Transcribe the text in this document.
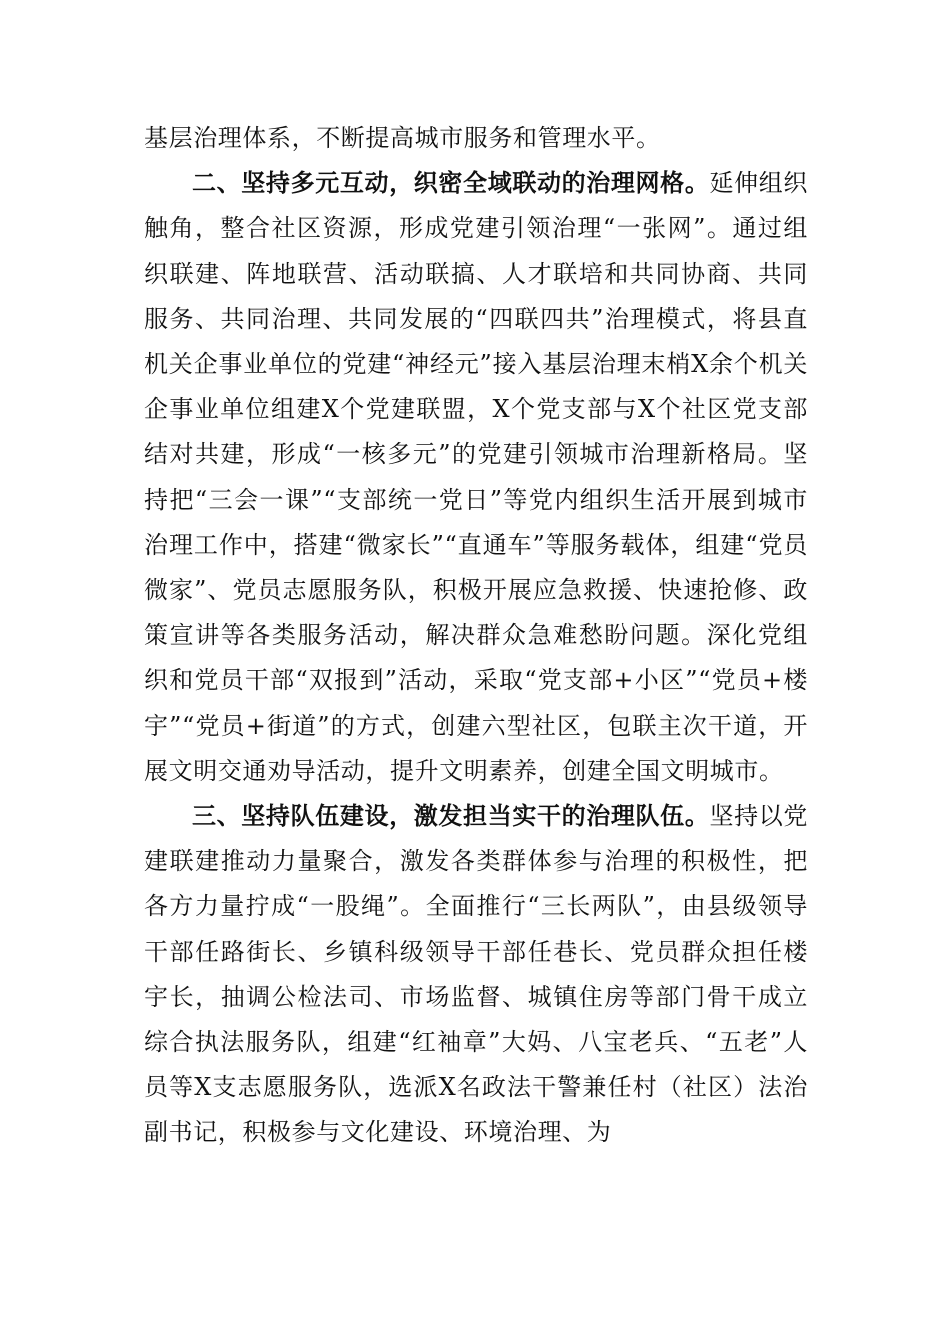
基层治理体系，不断提高城市服务和管理水平。

二、坚持多元互动，织密全域联动的治理网格。延伸组织触角，整合社区资源，形成党建引领治理“一张网”。通过组织联建、阵地联营、活动联搞、人才联培和共同协商、共同服务、共同治理、共同发展的“四联四共”治理模式，将县直机关企事业单位的党建“神经元”接入基层治理末梢X余个机关企事业单位组建X个党建联盟，X个党支部与X个社区党支部结对共建，形成“一核多元”的党建引领城市治理新格局。坚持把“三会一课”“支部统一党日”等党内组织生活开展到城市治理工作中，搭建“微家长”“直通车”等服务载体，组建“党员微家”、党员志愿服务队，积极开展应急救援、快速抢修、政策宣讲等各类服务活动，解决群众急难愁盼问题。深化党组织和党员干部“双报到”活动，采取“党支部+小区”“党员+楼宇”“党员+街道”的方式，创建六型社区，包联主次干道，开展文明交通劝导活动，提升文明素养，创建全国文明城市。

三、坚持队伍建设，激发担当实干的治理队伍。坚持以党建联建推动力量聚合，激发各类群体参与治理的积极性，把各方力量拧成“一股绳”。全面推行“三长两队”，由县级领导干部任路街长、乡镇科级领导干部任巷长、党员群众担任楼宇长，抽调公检法司、市场监督、城镇住房等部门骨干成立综合执法服务队，组建“红袖章”大妈、八宝老兵、“五老”人员等X支志愿服务队，选派X名政法干警兼任村（社区）法治副书记，积极参与文化建设、环境治理、为
